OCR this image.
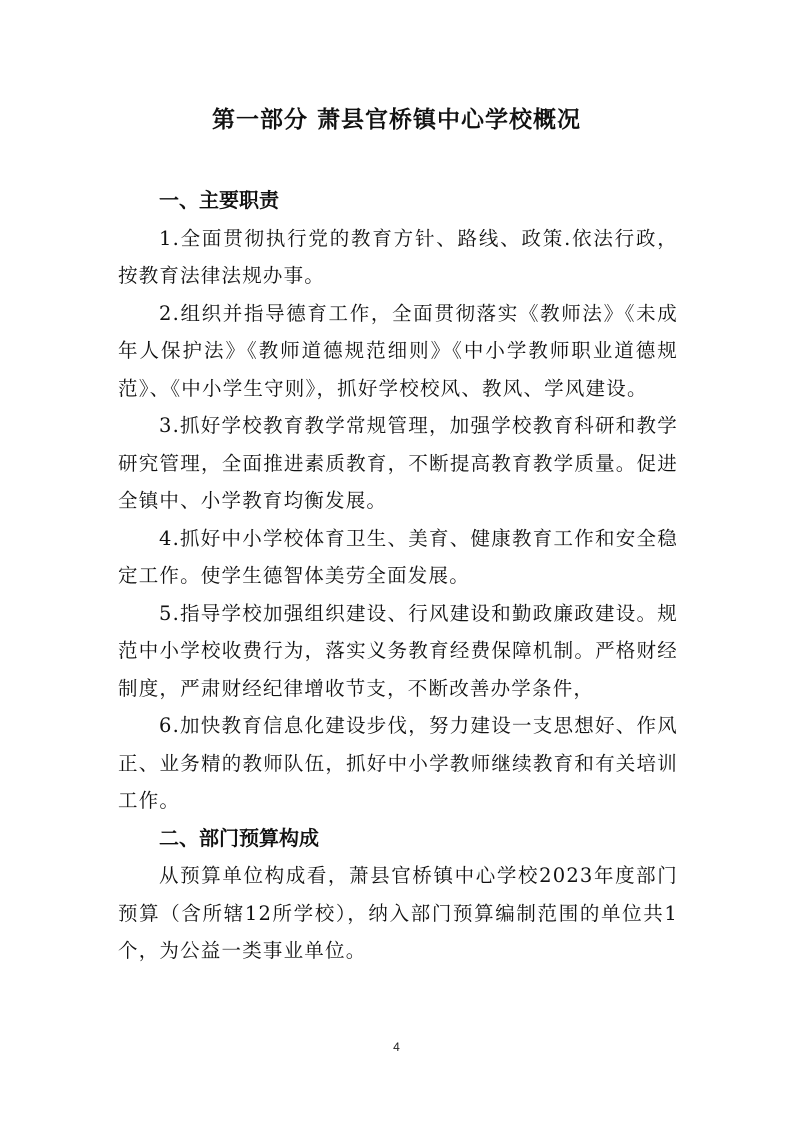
第一部分 萧县官桥镇中心学校概况

一、主要职责

1.全面贯彻执行党的教育方针、路线、政策.依法行政，按教育法律法规办事。

2.组织并指导德育工作，全面贯彻落实《教师法》《未成年人保护法》《教师道德规范细则》《中小学教师职业道德规范》、《中小学生守则》，抓好学校校风、教风、学风建设。

3.抓好学校教育教学常规管理，加强学校教育科研和教学研究管理，全面推进素质教育，不断提高教育教学质量。促进全镇中、小学教育均衡发展。

4.抓好中小学校体育卫生、美育、健康教育工作和安全稳定工作。使学生德智体美劳全面发展。

5.指导学校加强组织建设、行风建设和勤政廉政建设。规范中小学校收费行为，落实义务教育经费保障机制。严格财经制度，严肃财经纪律增收节支，不断改善办学条件，

6.加快教育信息化建设步伐，努力建设一支思想好、作风正、业务精的教师队伍，抓好中小学教师继续教育和有关培训工作。

二、部门预算构成

从预算单位构成看，萧县官桥镇中心学校2023年度部门预算（含所辖12所学校），纳入部门预算编制范围的单位共1个，为公益一类事业单位。

4
